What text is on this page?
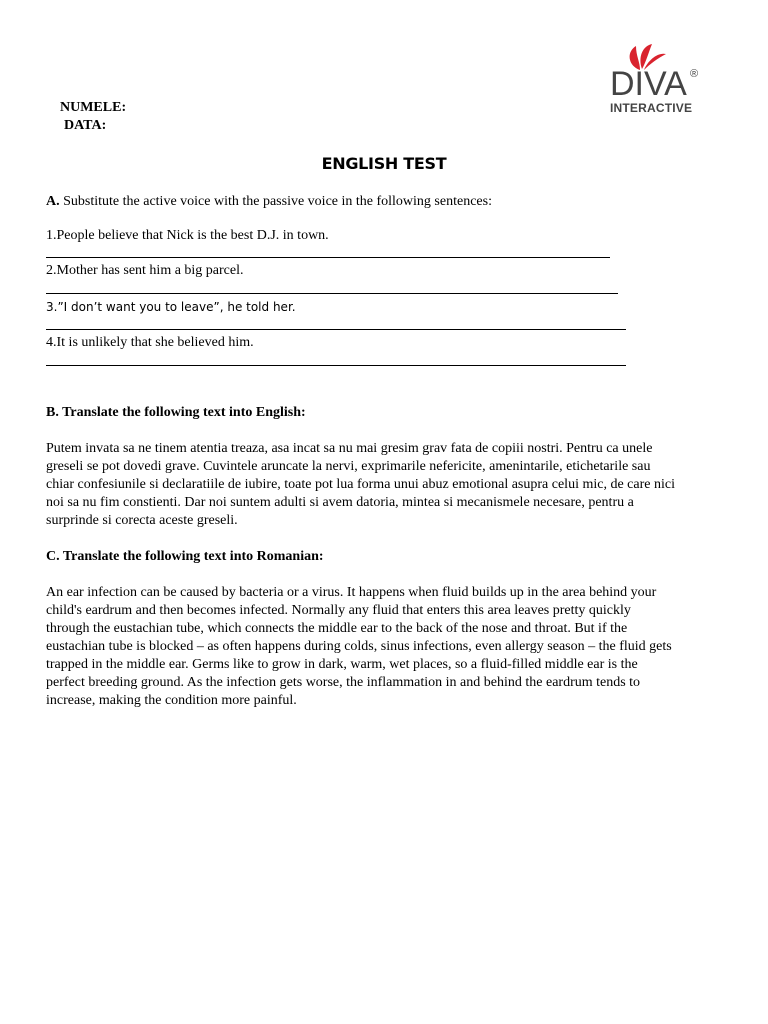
NUMELE:
DATA:
DIVA ®
INTERACTIVE
ENGLISH TEST
A. Substitute the active voice with the passive voice in the following sentences:
1.People believe that Nick is the best D.J. in town.
2.Mother has sent him a big parcel.
3.”I don’t want you to leave”, he told her.
4.It is unlikely that she believed him.
B. Translate the following text into English:
Putem invata sa ne tinem atentia treaza, asa incat sa nu mai gresim grav fata de copiii nostri. Pentru ca unele
greseli se pot dovedi grave. Cuvintele aruncate la nervi, exprimarile nefericite, amenintarile, etichetarile sau
chiar confesiunile si declaratiile de iubire, toate pot lua forma unui abuz emotional asupra celui mic, de care nici
noi sa nu fim constienti. Dar noi suntem adulti si avem datoria, mintea si mecanismele necesare, pentru a
surprinde si corecta aceste greseli.
C. Translate the following text into Romanian:
An ear infection can be caused by bacteria or a virus. It happens when fluid builds up in the area behind your
child's eardrum and then becomes infected. Normally any fluid that enters this area leaves pretty quickly
through the eustachian tube, which connects the middle ear to the back of the nose and throat. But if the
eustachian tube is blocked – as often happens during colds, sinus infections, even allergy season – the fluid gets
trapped in the middle ear. Germs like to grow in dark, warm, wet places, so a fluid-filled middle ear is the
perfect breeding ground. As the infection gets worse, the inflammation in and behind the eardrum tends to
increase, making the condition more painful.
